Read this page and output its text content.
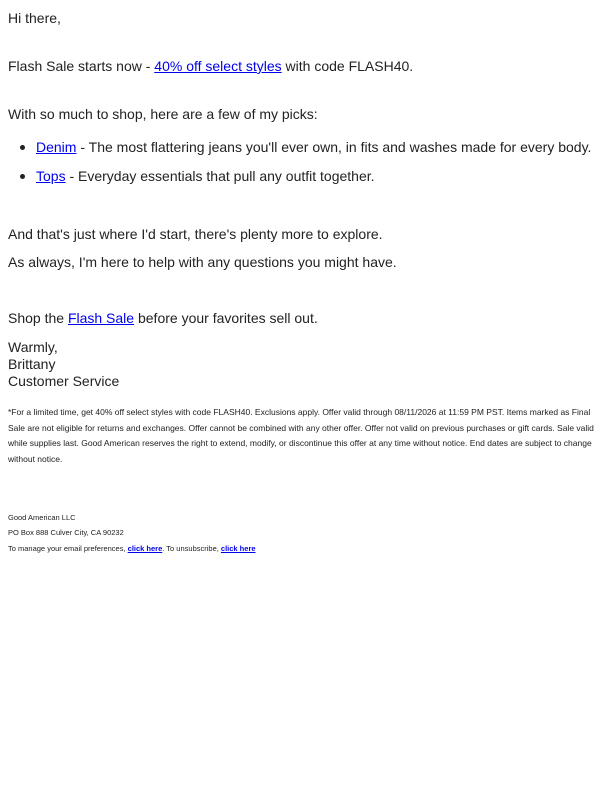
Hi there,
Flash Sale starts now - 40% off select styles with code FLASH40.
With so much to shop, here are a few of my picks:
Denim - The most flattering jeans you'll ever own, in fits and washes made for every body.
Tops - Everyday essentials that pull any outfit together.
And that's just where I'd start, there's plenty more to explore.
As always, I'm here to help with any questions you might have.
Shop the Flash Sale before your favorites sell out.
Warmly,
Brittany
Customer Service
*For a limited time, get 40% off select styles with code FLASH40. Exclusions apply. Offer valid through 08/11/2026 at 11:59 PM PST. Items marked as Final Sale are not eligible for returns and exchanges. Offer cannot be combined with any other offer. Offer not valid on previous purchases or gift cards. Sale valid while supplies last. Good American reserves the right to extend, modify, or discontinue this offer at any time without notice. End dates are subject to change without notice.
Good American LLC
PO Box 888 Culver City, CA 90232
To manage your email preferences, click here. To unsubscribe, click here
